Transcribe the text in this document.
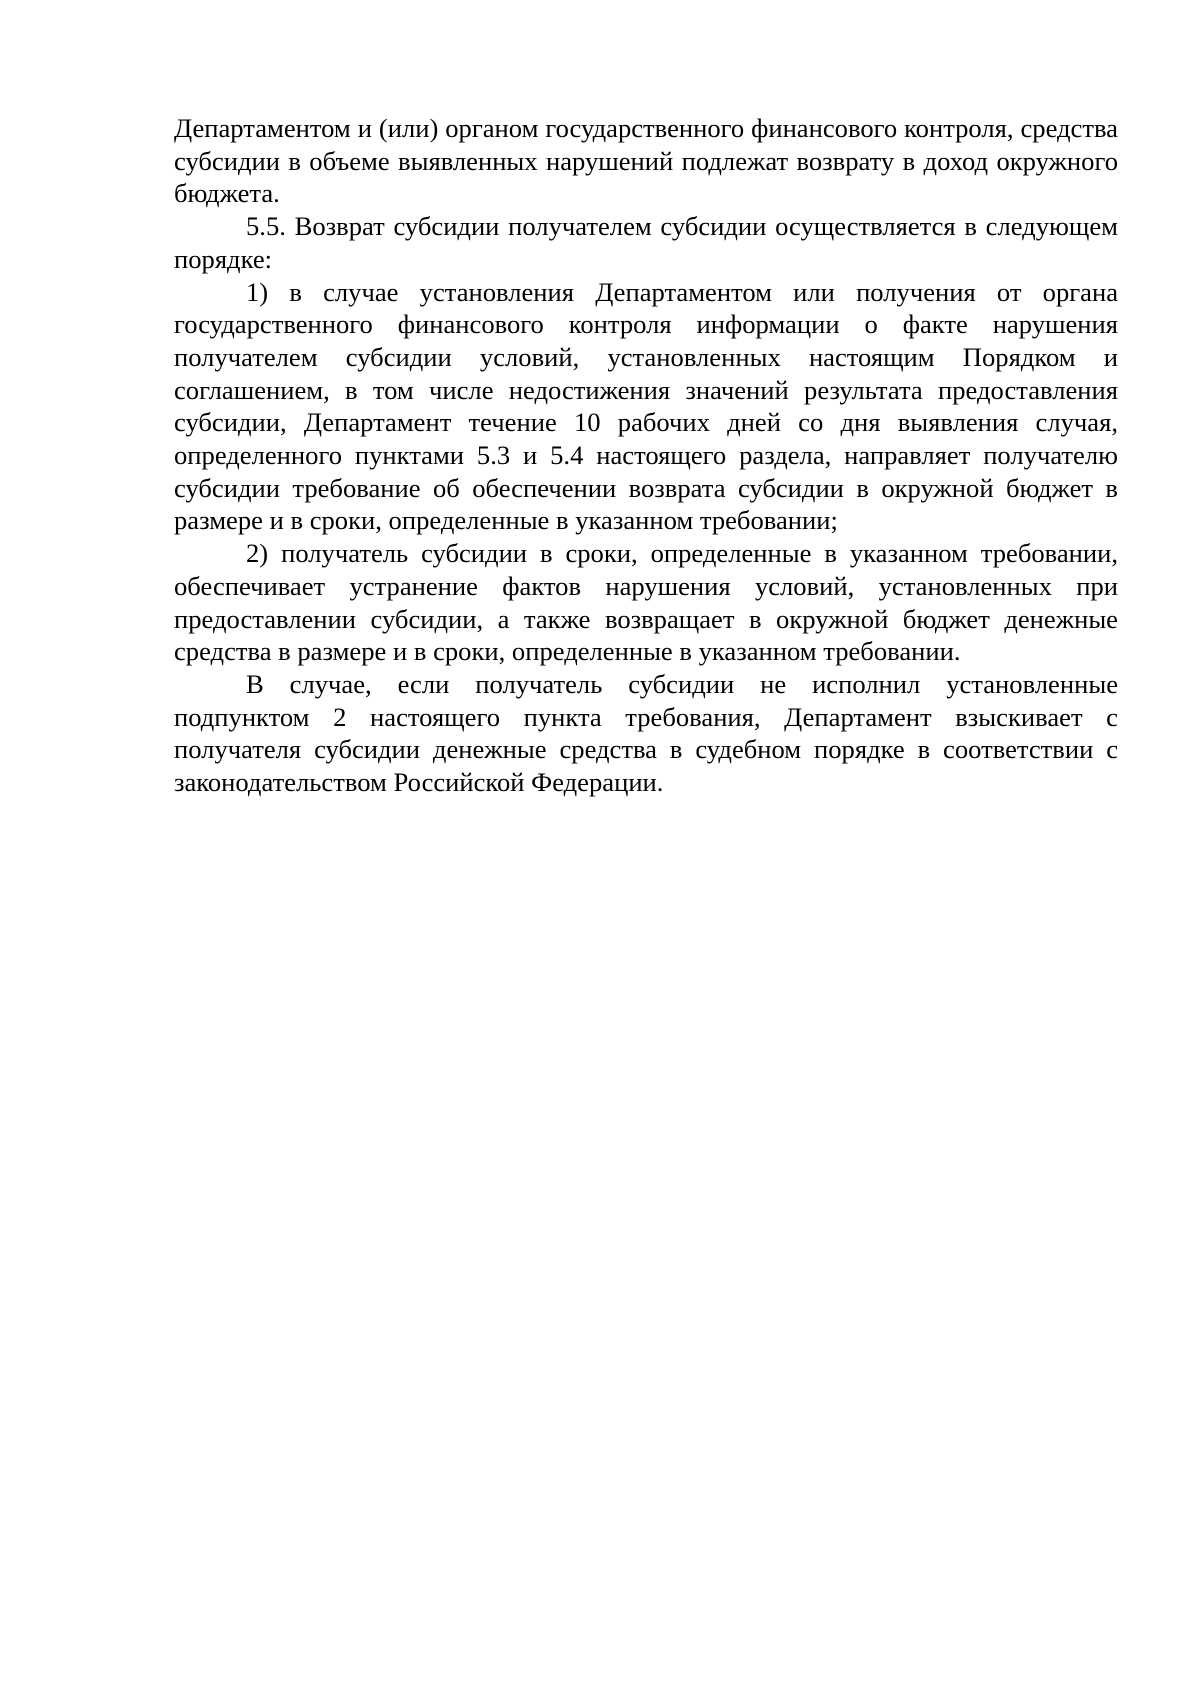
Департаментом и (или) органом государственного финансового контроля, средства субсидии в объеме выявленных нарушений подлежат возврату в доход окружного бюджета.

5.5. Возврат субсидии получателем субсидии осуществляется в следующем порядке:

1) в случае установления Департаментом или получения от органа государственного финансового контроля информации о факте нарушения получателем субсидии условий, установленных настоящим Порядком и соглашением, в том числе недостижения значений результата предоставления субсидии, Департамент течение 10 рабочих дней со дня выявления случая, определенного пунктами 5.3 и 5.4 настоящего раздела, направляет получателю субсидии требование об обеспечении возврата субсидии в окружной бюджет в размере и в сроки, определенные в указанном требовании;

2) получатель субсидии в сроки, определенные в указанном требовании, обеспечивает устранение фактов нарушения условий, установленных при предоставлении субсидии, а также возвращает в окружной бюджет денежные средства в размере и в сроки, определенные в указанном требовании.

В случае, если получатель субсидии не исполнил установленные подпунктом 2 настоящего пункта требования, Департамент взыскивает с получателя субсидии денежные средства в судебном порядке в соответствии с законодательством Российской Федерации.
